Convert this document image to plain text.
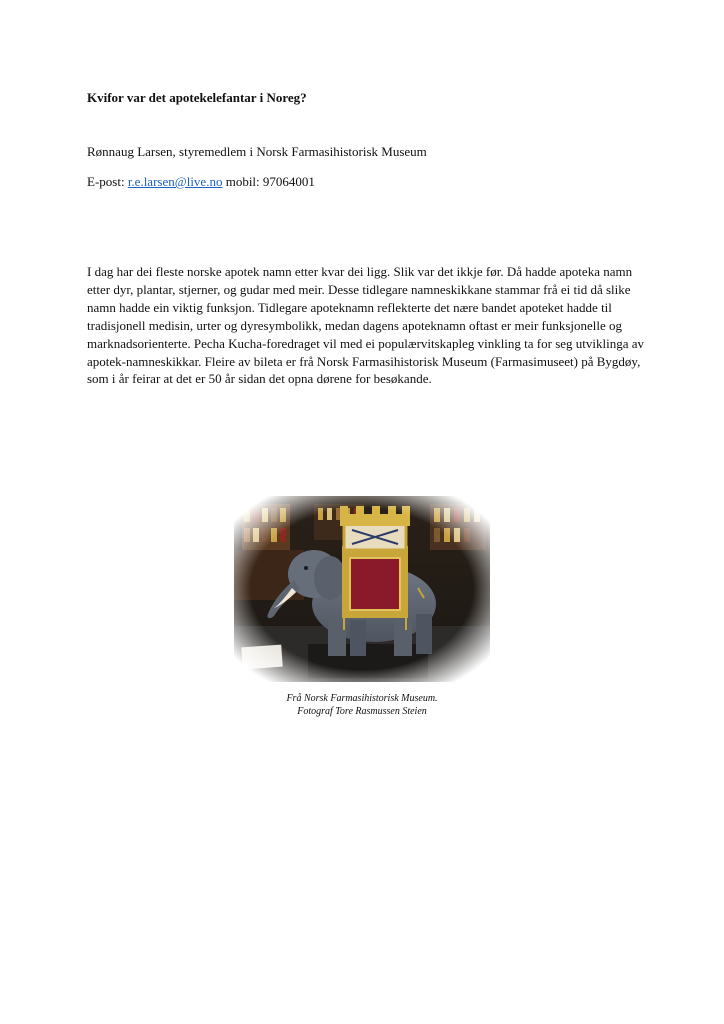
Kvifor var det apotekelefantar i Noreg?

Rønnaug Larsen, styremedlem i Norsk Farmasihistorisk Museum

E-post: r.e.larsen@live.no mobil: 97064001

I dag har dei fleste norske apotek namn etter kvar dei ligg. Slik var det ikkje før. Då hadde apoteka namn etter dyr, plantar, stjerner, og gudar med meir. Desse tidlegare namneskikkane stammar frå ei tid då slike namn hadde ein viktig funksjon. Tidlegare apoteknamn reflekterte det nære bandet apoteket hadde til tradisjonell medisin, urter og dyresymbolikk, medan dagens apoteknamn oftast er meir funksjonelle og marknadsorienterte. Pecha Kucha-foredraget vil med ei populærvitskapleg vinkling ta for seg utviklinga av apotek-namneskikkar. Fleire av bileta er frå Norsk Farmasihistorisk Museum (Farmasimuseet) på Bygdøy, som i år feirar at det er 50 år sidan det opna dørene for besøkande.

Frå Norsk Farmasihistorisk Museum.
Fotograf Tore Rasmussen Steien
